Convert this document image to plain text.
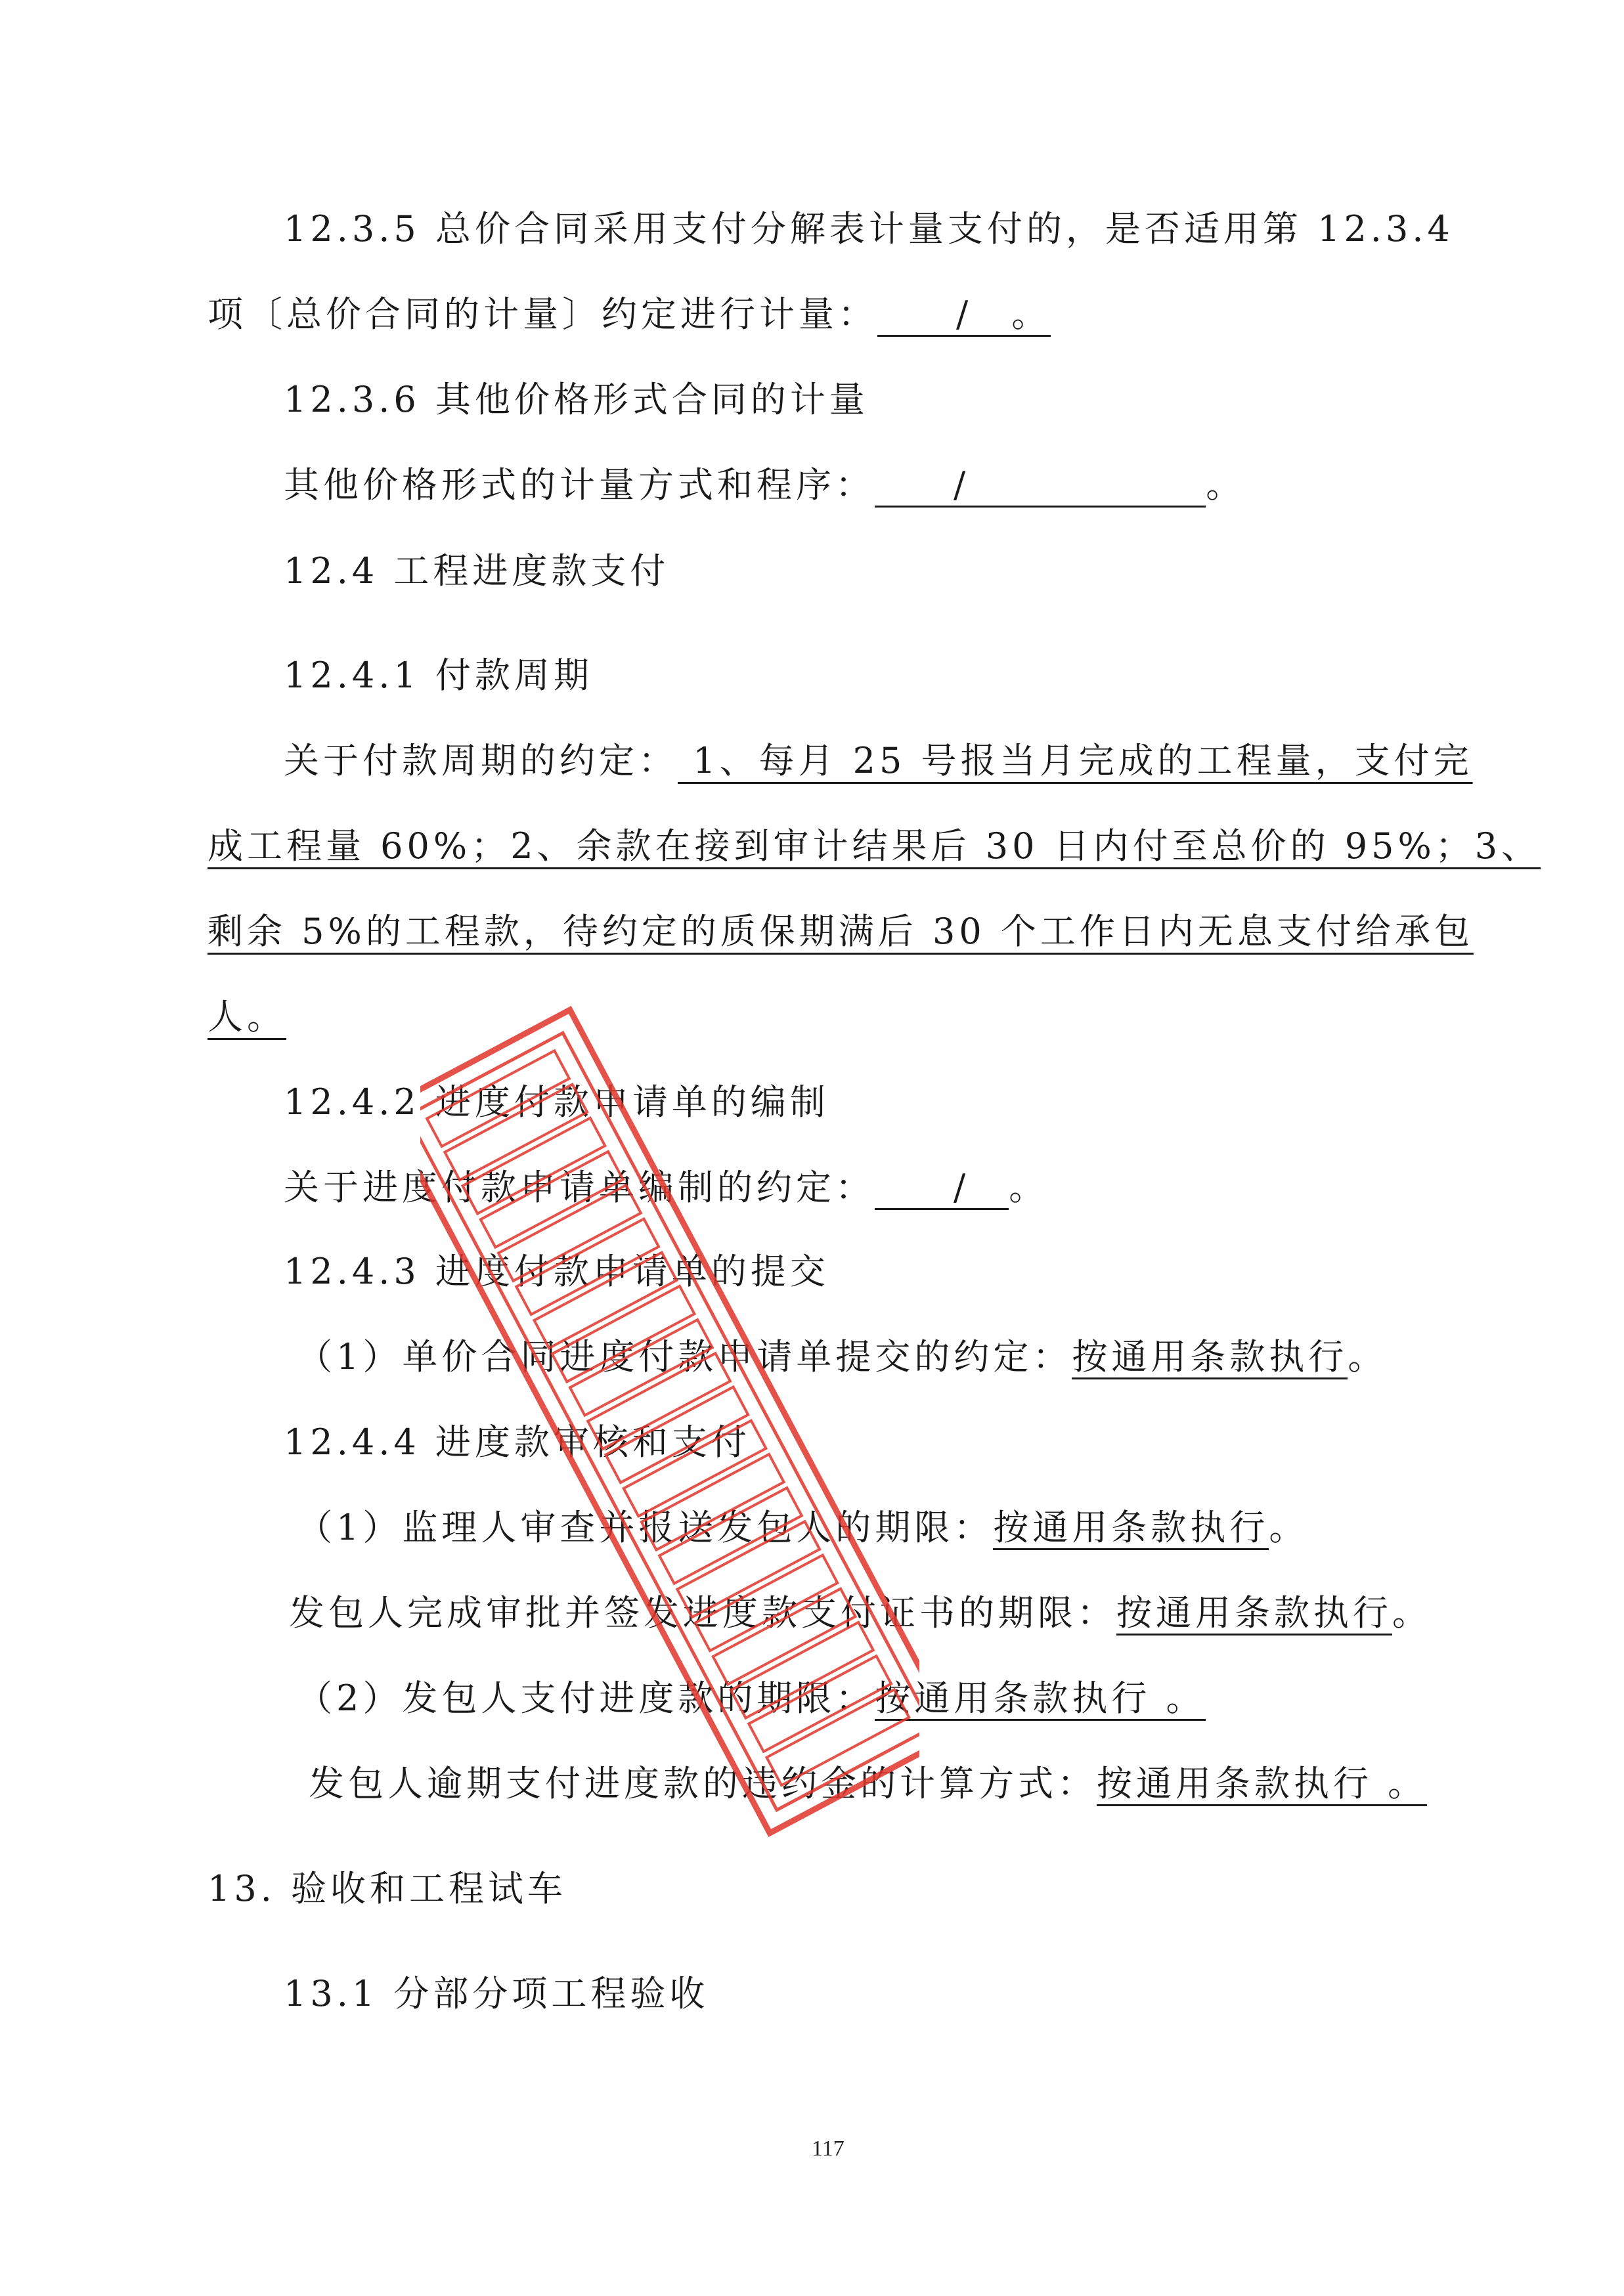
12.3.5 总价合同采用支付分解表计量支付的，是否适用第 12.3.4
项〔总价合同的计量〕约定进行计量：　　/　。
12.3.6 其他价格形式合同的计量
其他价格形式的计量方式和程序：　　/　　　　　　。
12.4 工程进度款支付
12.4.1 付款周期
关于付款周期的约定： 1、每月 25 号报当月完成的工程量，支付完
成工程量 60%；2、余款在接到审计结果后 30 日内付至总价的 95%；3、
剩余 5%的工程款，待约定的质保期满后 30 个工作日内无息支付给承包
人。
12.4.2 进度付款申请单的编制
关于进度付款申请单编制的约定：　　/　。
12.4.3 进度付款申请单的提交
（1）单价合同进度付款申请单提交的约定：按通用条款执行。
12.4.4 进度款审核和支付
（1）监理人审查并报送发包人的期限：按通用条款执行。
发包人完成审批并签发进度款支付证书的期限：按通用条款执行。
（2）发包人支付进度款的期限：按通用条款执行 。
发包人逾期支付进度款的违约金的计算方式：按通用条款执行 。
13. 验收和工程试车
13.1 分部分项工程验收
117
